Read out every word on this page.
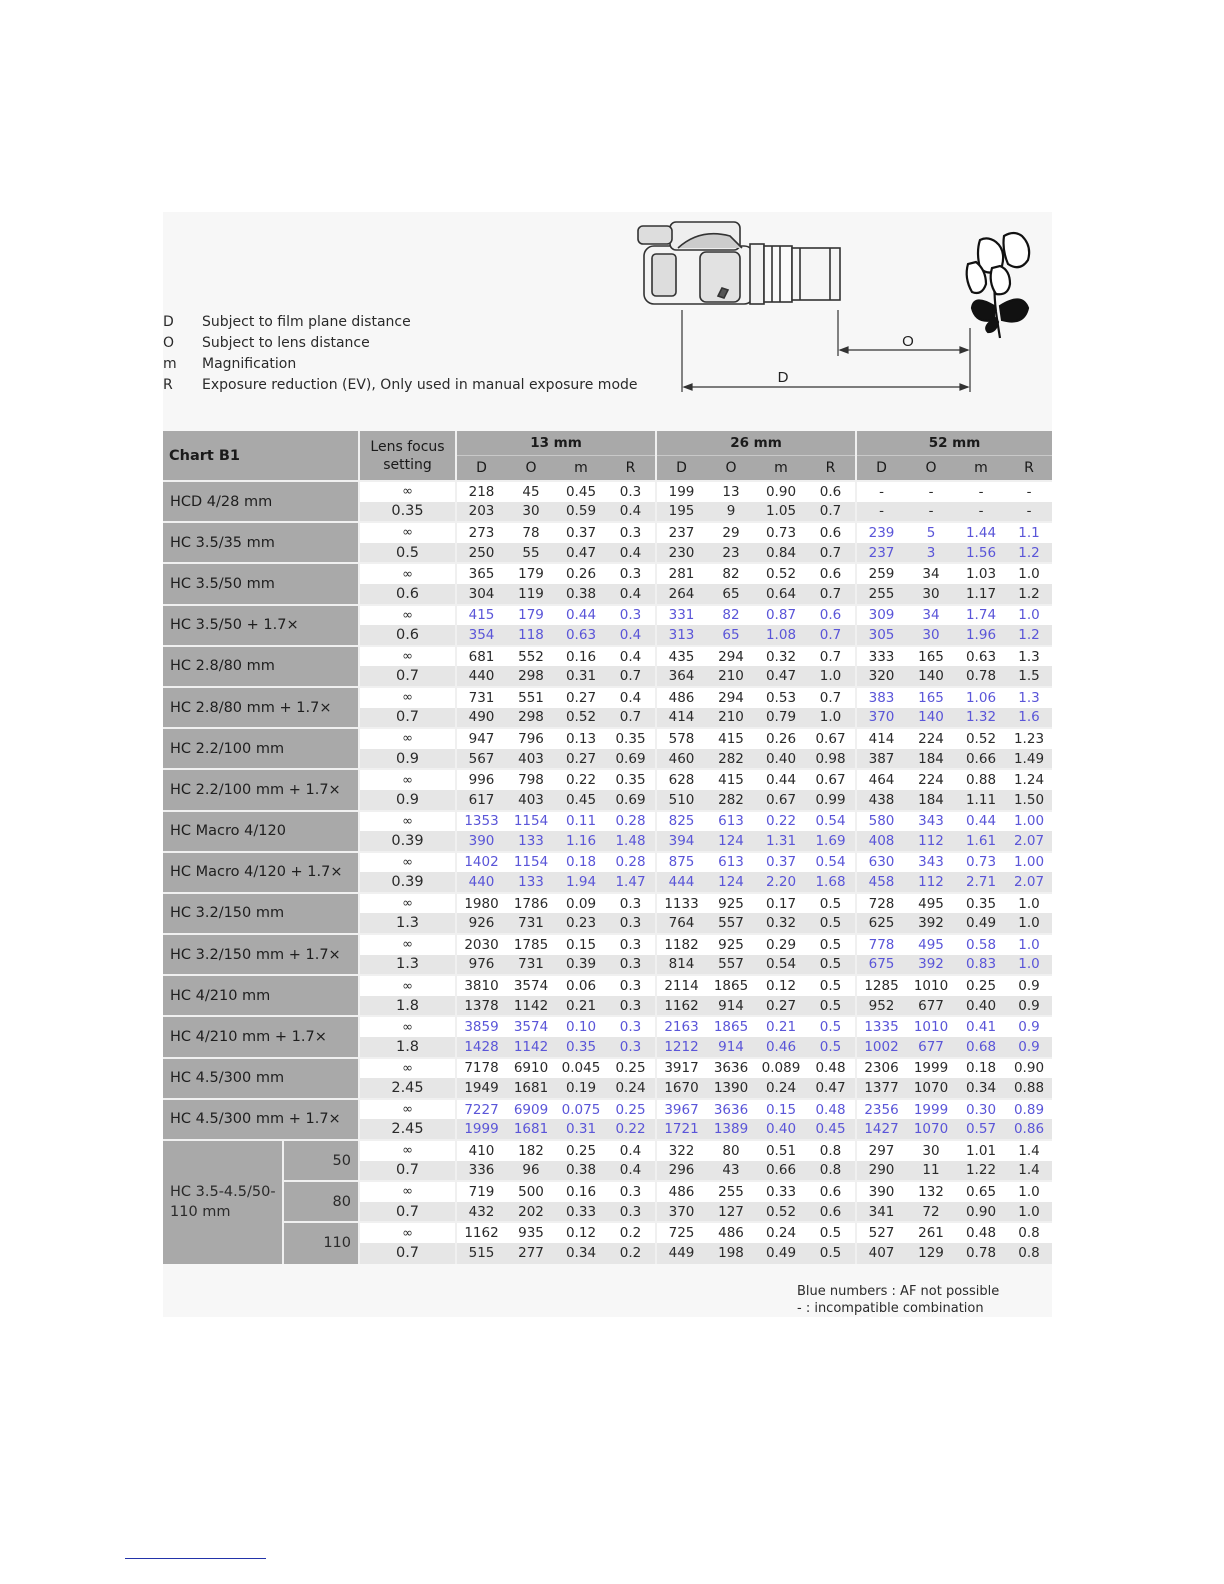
D	Subject to film plane distance
O	Subject to lens distance
m	Magnification
R	Exposure reduction (EV), Only used in manual exposure mode
O
D
Chart B1		Lens focus setting	13 mm				26 mm				52 mm			
			D	O	m	R	D	O	m	R	D	O	m	R
HCD 4/28 mm		∞	218	45	0.45	0.3	199	13	0.90	0.6	-	-	-	-
		0.35	203	30	0.59	0.4	195	9	1.05	0.7	-	-	-	-
HC 3.5/35 mm		∞	273	78	0.37	0.3	237	29	0.73	0.6	239	5	1.44	1.1
		0.5	250	55	0.47	0.4	230	23	0.84	0.7	237	3	1.56	1.2
HC 3.5/50 mm		∞	365	179	0.26	0.3	281	82	0.52	0.6	259	34	1.03	1.0
		0.6	304	119	0.38	0.4	264	65	0.64	0.7	255	30	1.17	1.2
HC 3.5/50 + 1.7×		∞	415	179	0.44	0.3	331	82	0.87	0.6	309	34	1.74	1.0
		0.6	354	118	0.63	0.4	313	65	1.08	0.7	305	30	1.96	1.2
HC 2.8/80 mm		∞	681	552	0.16	0.4	435	294	0.32	0.7	333	165	0.63	1.3
		0.7	440	298	0.31	0.7	364	210	0.47	1.0	320	140	0.78	1.5
HC 2.8/80 mm + 1.7×		∞	731	551	0.27	0.4	486	294	0.53	0.7	383	165	1.06	1.3
		0.7	490	298	0.52	0.7	414	210	0.79	1.0	370	140	1.32	1.6
HC 2.2/100 mm		∞	947	796	0.13	0.35	578	415	0.26	0.67	414	224	0.52	1.23
		0.9	567	403	0.27	0.69	460	282	0.40	0.98	387	184	0.66	1.49
HC 2.2/100 mm + 1.7×		∞	996	798	0.22	0.35	628	415	0.44	0.67	464	224	0.88	1.24
		0.9	617	403	0.45	0.69	510	282	0.67	0.99	438	184	1.11	1.50
HC Macro 4/120		∞	1353	1154	0.11	0.28	825	613	0.22	0.54	580	343	0.44	1.00
		0.39	390	133	1.16	1.48	394	124	1.31	1.69	408	112	1.61	2.07
HC Macro 4/120 + 1.7×		∞	1402	1154	0.18	0.28	875	613	0.37	0.54	630	343	0.73	1.00
		0.39	440	133	1.94	1.47	444	124	2.20	1.68	458	112	2.71	2.07
HC 3.2/150 mm		∞	1980	1786	0.09	0.3	1133	925	0.17	0.5	728	495	0.35	1.0
		1.3	926	731	0.23	0.3	764	557	0.32	0.5	625	392	0.49	1.0
HC 3.2/150 mm + 1.7×		∞	2030	1785	0.15	0.3	1182	925	0.29	0.5	778	495	0.58	1.0
		1.3	976	731	0.39	0.3	814	557	0.54	0.5	675	392	0.83	1.0
HC 4/210 mm		∞	3810	3574	0.06	0.3	2114	1865	0.12	0.5	1285	1010	0.25	0.9
		1.8	1378	1142	0.21	0.3	1162	914	0.27	0.5	952	677	0.40	0.9
HC 4/210 mm + 1.7×		∞	3859	3574	0.10	0.3	2163	1865	0.21	0.5	1335	1010	0.41	0.9
		1.8	1428	1142	0.35	0.3	1212	914	0.46	0.5	1002	677	0.68	0.9
HC 4.5/300 mm		∞	7178	6910	0.045	0.25	3917	3636	0.089	0.48	2306	1999	0.18	0.90
		2.45	1949	1681	0.19	0.24	1670	1390	0.24	0.47	1377	1070	0.34	0.88
HC 4.5/300 mm + 1.7×		∞	7227	6909	0.075	0.25	3967	3636	0.15	0.48	2356	1999	0.30	0.89
		2.45	1999	1681	0.31	0.22	1721	1389	0.40	0.45	1427	1070	0.57	0.86
HC 3.5-4.5/50-110 mm	50	∞	410	182	0.25	0.4	322	80	0.51	0.8	297	30	1.01	1.4
		0.7	336	96	0.38	0.4	296	43	0.66	0.8	290	11	1.22	1.4
	80	∞	719	500	0.16	0.3	486	255	0.33	0.6	390	132	0.65	1.0
		0.7	432	202	0.33	0.3	370	127	0.52	0.6	341	72	0.90	1.0
	110	∞	1162	935	0.12	0.2	725	486	0.24	0.5	527	261	0.48	0.8
		0.7	515	277	0.34	0.2	449	198	0.49	0.5	407	129	0.78	0.8
Blue numbers : AF not possible
- : incompatible combination
